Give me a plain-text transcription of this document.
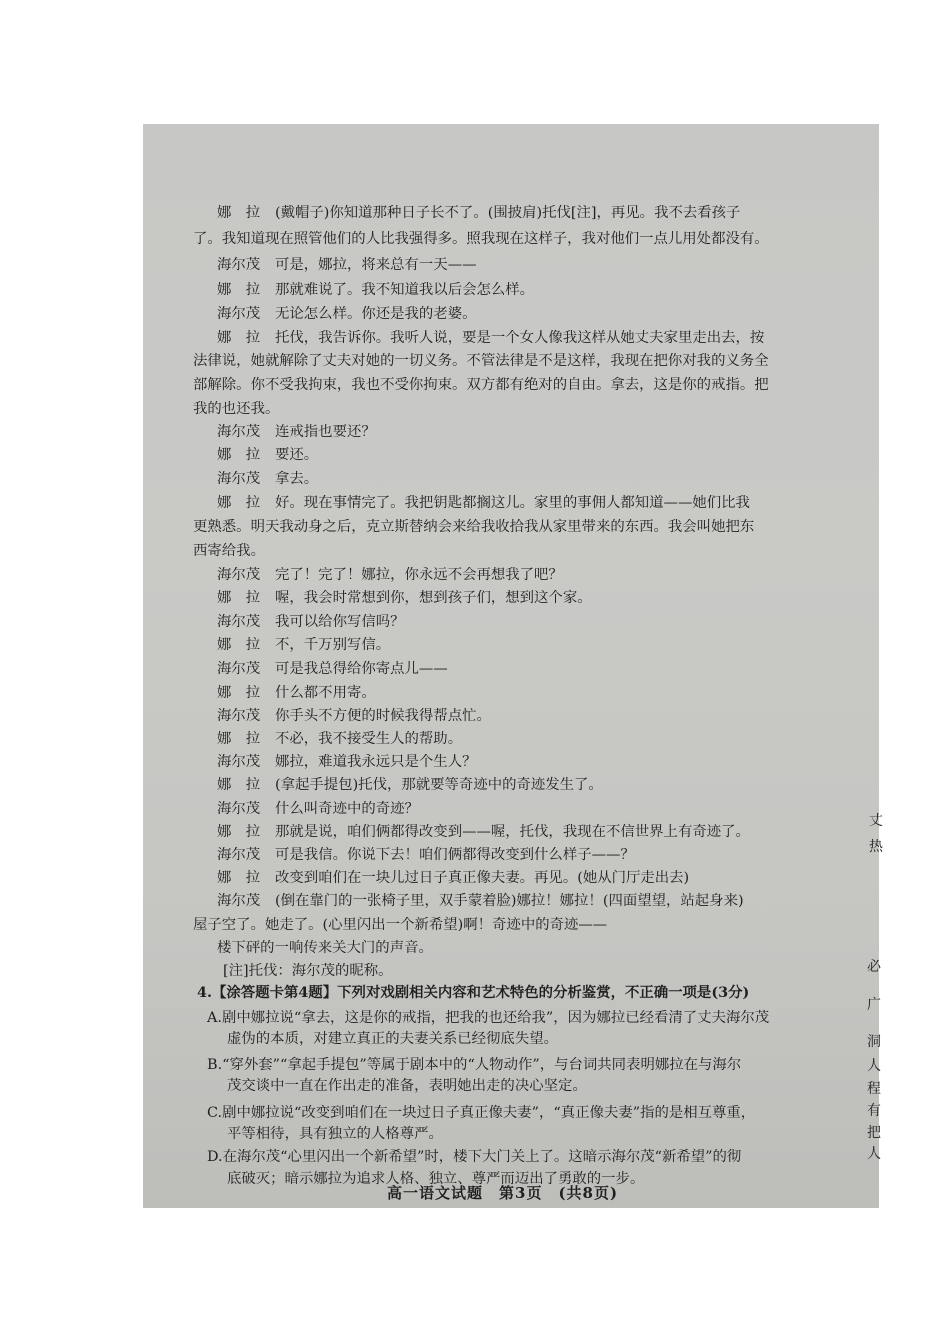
娜　拉 (戴帽子)你知道那种日子长不了。(围披肩)托伐[注]，再见。我不去看孩子
了。我知道现在照管他们的人比我强得多。照我现在这样子，我对他们一点儿用处都没有。
海尔茂 可是，娜拉，将来总有一天——
娜　拉 那就难说了。我不知道我以后会怎么样。
海尔茂 无论怎么样。你还是我的老婆。
娜　拉 托伐，我告诉你。我听人说，要是一个女人像我这样从她丈夫家里走出去，按
法律说，她就解除了丈夫对她的一切义务。不管法律是不是这样，我现在把你对我的义务全
部解除。你不受我拘束，我也不受你拘束。双方都有绝对的自由。拿去，这是你的戒指。把
我的也还我。
海尔茂 连戒指也要还？
娜　拉 要还。
海尔茂 拿去。
娜　拉 好。现在事情完了。我把钥匙都搁这儿。家里的事佣人都知道——她们比我
更熟悉。明天我动身之后，克立斯替纳会来给我收拾我从家里带来的东西。我会叫她把东
西寄给我。
海尔茂 完了！完了！娜拉，你永远不会再想我了吧？
娜　拉 喔，我会时常想到你，想到孩子们，想到这个家。
海尔茂 我可以给你写信吗？
娜　拉 不，千万别写信。
海尔茂 可是我总得给你寄点儿——
娜　拉 什么都不用寄。
海尔茂 你手头不方便的时候我得帮点忙。
娜　拉 不必，我不接受生人的帮助。
海尔茂 娜拉，难道我永远只是个生人？
娜　拉 (拿起手提包)托伐，那就要等奇迹中的奇迹发生了。
海尔茂 什么叫奇迹中的奇迹？
娜　拉 那就是说，咱们俩都得改变到——喔，托伐，我现在不信世界上有奇迹了。
海尔茂 可是我信。你说下去！咱们俩都得改变到什么样子——？
娜　拉 改变到咱们在一块儿过日子真正像夫妻。再见。(她从门厅走出去)
海尔茂 (倒在靠门的一张椅子里，双手蒙着脸)娜拉！娜拉！(四面望望，站起身来)
屋子空了。她走了。(心里闪出一个新希望)啊！奇迹中的奇迹——
楼下砰的一响传来关大门的声音。
[注]托伐：海尔茂的昵称。
4.【涂答题卡第4题】下列对戏剧相关内容和艺术特色的分析鉴赏，不正确一项是(3分)
A.剧中娜拉说“拿去，这是你的戒指，把我的也还给我”，因为娜拉已经看清了丈夫海尔茂
虚伪的本质，对建立真正的夫妻关系已经彻底失望。
B.“穿外套”“拿起手提包”等属于剧本中的“人物动作”，与台词共同表明娜拉在与海尔
茂交谈中一直在作出走的准备，表明她出走的决心坚定。
C.剧中娜拉说“改变到咱们在一块过日子真正像夫妻”，“真正像夫妻”指的是相互尊重，
平等相待，具有独立的人格尊严。
D.在海尔茂“心里闪出一个新希望”时，楼下大门关上了。这暗示海尔茂“新希望”的彻
底破灭；暗示娜拉为追求人格、独立、尊严而迈出了勇敢的一步。
高一语文试题　第3页　(共8页)
丈
热
必
广
洞
人
程
有
把
人
